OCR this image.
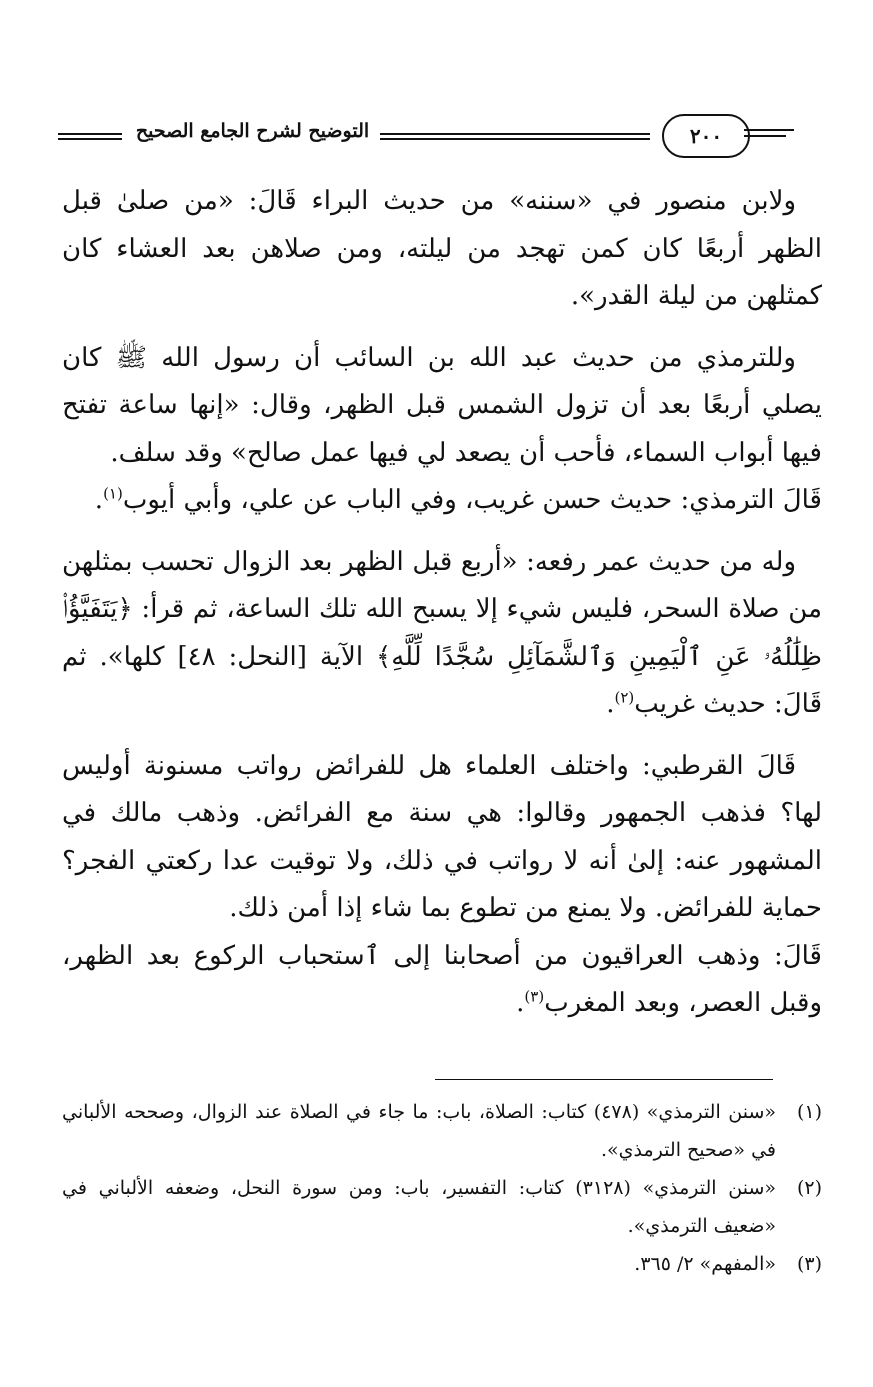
التوضيح لشرح الجامع الصحيح	٢٠٠

ولابن منصور في «سننه» من حديث البراء قَالَ: «من صلىٰ قبل الظهر أربعًا كان كمن تهجد من ليلته، ومن صلاهن بعد العشاء كان كمثلهن من ليلة القدر».

وللترمذي من حديث عبد الله بن السائب أن رسول الله ﷺ كان يصلي أربعًا بعد أن تزول الشمس قبل الظهر، وقال: «إنها ساعة تفتح فيها أبواب السماء، فأحب أن يصعد لي فيها عمل صالح» وقد سلف.

قَالَ الترمذي: حديث حسن غريب، وفي الباب عن علي، وأبي أيوب$^{(١)}$.

وله من حديث عمر رفعه: «أربع قبل الظهر بعد الزوال تحسب بمثلهن من صلاة السحر، فليس شيء إلا يسبح الله تلك الساعة، ثم قرأ: ﴿يَتَفَيَّؤُا۟ ظِلَٰلُهُۥ عَنِ ٱلْيَمِينِ وَٱلشَّمَآئِلِ سُجَّدًا لِّلَّهِ﴾ الآية [النحل: ٤٨] كلها». ثم قَالَ: حديث غريب$^{(٢)}$.

قَالَ القرطبي: واختلف العلماء هل للفرائض رواتب مسنونة أوليس لها؟ فذهب الجمهور وقالوا: هي سنة مع الفرائض. وذهب مالك في المشهور عنه: إلىٰ أنه لا رواتب في ذلك، ولا توقيت عدا ركعتي الفجر؟ حماية للفرائض. ولا يمنع من تطوع بما شاء إذا أمن ذلك.

قَالَ: وذهب العراقيون من أصحابنا إلى ٱستحباب الركوع بعد الظهر، وقبل العصر، وبعد المغرب$^{(٣)}$.

(١)
«سنن الترمذي» (٤٧٨) كتاب: الصلاة، باب: ما جاء في الصلاة عند الزوال، وصححه الألباني في «صحيح الترمذي».
(٢)
«سنن الترمذي» (٣١٢٨) كتاب: التفسير، باب: ومن سورة النحل، وضعفه الألباني في «ضعيف الترمذي».
(٣)
«المفهم» ٢/ ٣٦٥.
